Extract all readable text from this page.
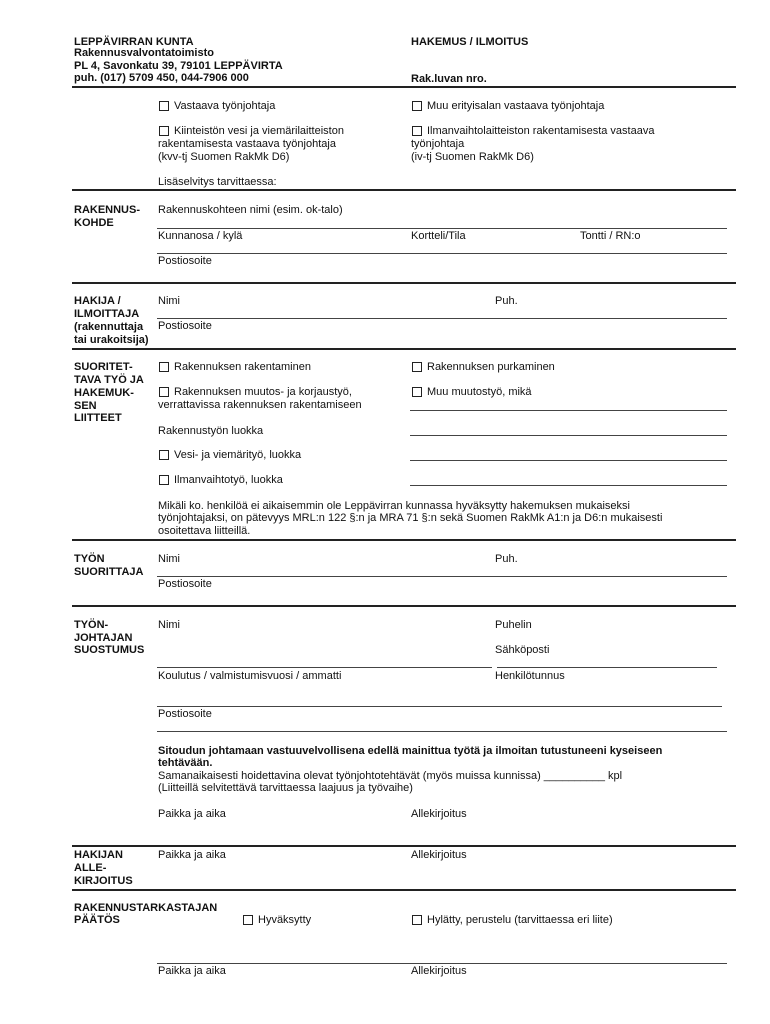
LEPPÄVIRRAN KUNTA
Rakennusvalvontatoimisto
PL 4, Savonkatu 39, 79101 LEPPÄVIRTA
puh. (017) 5709 450, 044-7906 000
HAKEMUS / ILMOITUS
Rak.luvan nro.
Vastaava työnjohtaja	Muu erityisalan vastaava työnjohtaja
Kiinteistön vesi ja viemärilaitteiston
rakentamisesta vastaava työnjohtaja
(kvv-tj Suomen RakMk D6)
Ilmanvaihtolaitteiston rakentamisesta vastaava
työnjohtaja
(iv-tj Suomen RakMk D6)
Lisäselvitys tarvittaessa:
RAKENNUS-
KOHDE
Rakennuskohteen nimi (esim. ok-talo)
Kunnanosa / kylä	Kortteli/Tila	Tontti / RN:o
Postiosoite
HAKIJA /
ILMOITTAJA
(rakennuttaja
tai urakoitsija)
Nimi	Puh.
Postiosoite
SUORITET-
TAVA TYÖ JA
HAKEMUK-
SEN
LIITTEET
Rakennuksen rakentaminen	Rakennuksen purkaminen
Rakennuksen muutos- ja korjaustyö,
verrattavissa rakennuksen rakentamiseen
Muu muutostyö, mikä
Rakennustyön luokka
Vesi- ja viemärityö, luokka
Ilmanvaihtotyö, luokka
Mikäli ko. henkilöä ei aikaisemmin ole Leppävirran kunnassa hyväksytty hakemuksen mukaiseksi
työnjohtajaksi, on pätevyys MRL:n 122 §:n ja MRA 71 §:n sekä Suomen RakMk A1:n ja D6:n mukaisesti
osoitettava liitteillä.
TYÖN
SUORITTAJA
Nimi	Puh.
Postiosoite
TYÖN-
JOHTAJAN
SUOSTUMUS
Nimi	Puhelin
Sähköposti
Koulutus / valmistumisvuosi / ammatti	Henkilötunnus
Postiosoite
Sitoudun johtamaan vastuuvelvollisena edellä mainittua työtä ja ilmoitan tutustuneeni kyseiseen
tehtävään.
Samanaikaisesti hoidettavina olevat työnjohtotehtävät (myös muissa kunnissa) __________ kpl
(Liitteillä selvitettävä tarvittaessa laajuus ja työvaihe)
Paikka ja aika	Allekirjoitus
HAKIJAN
ALLE-
KIRJOITUS
Paikka ja aika	Allekirjoitus
RAKENNUSTARKASTAJAN
PÄÄTÖS	Hyväksytty	Hylätty, perustelu (tarvittaessa eri liite)
Paikka ja aika	Allekirjoitus
